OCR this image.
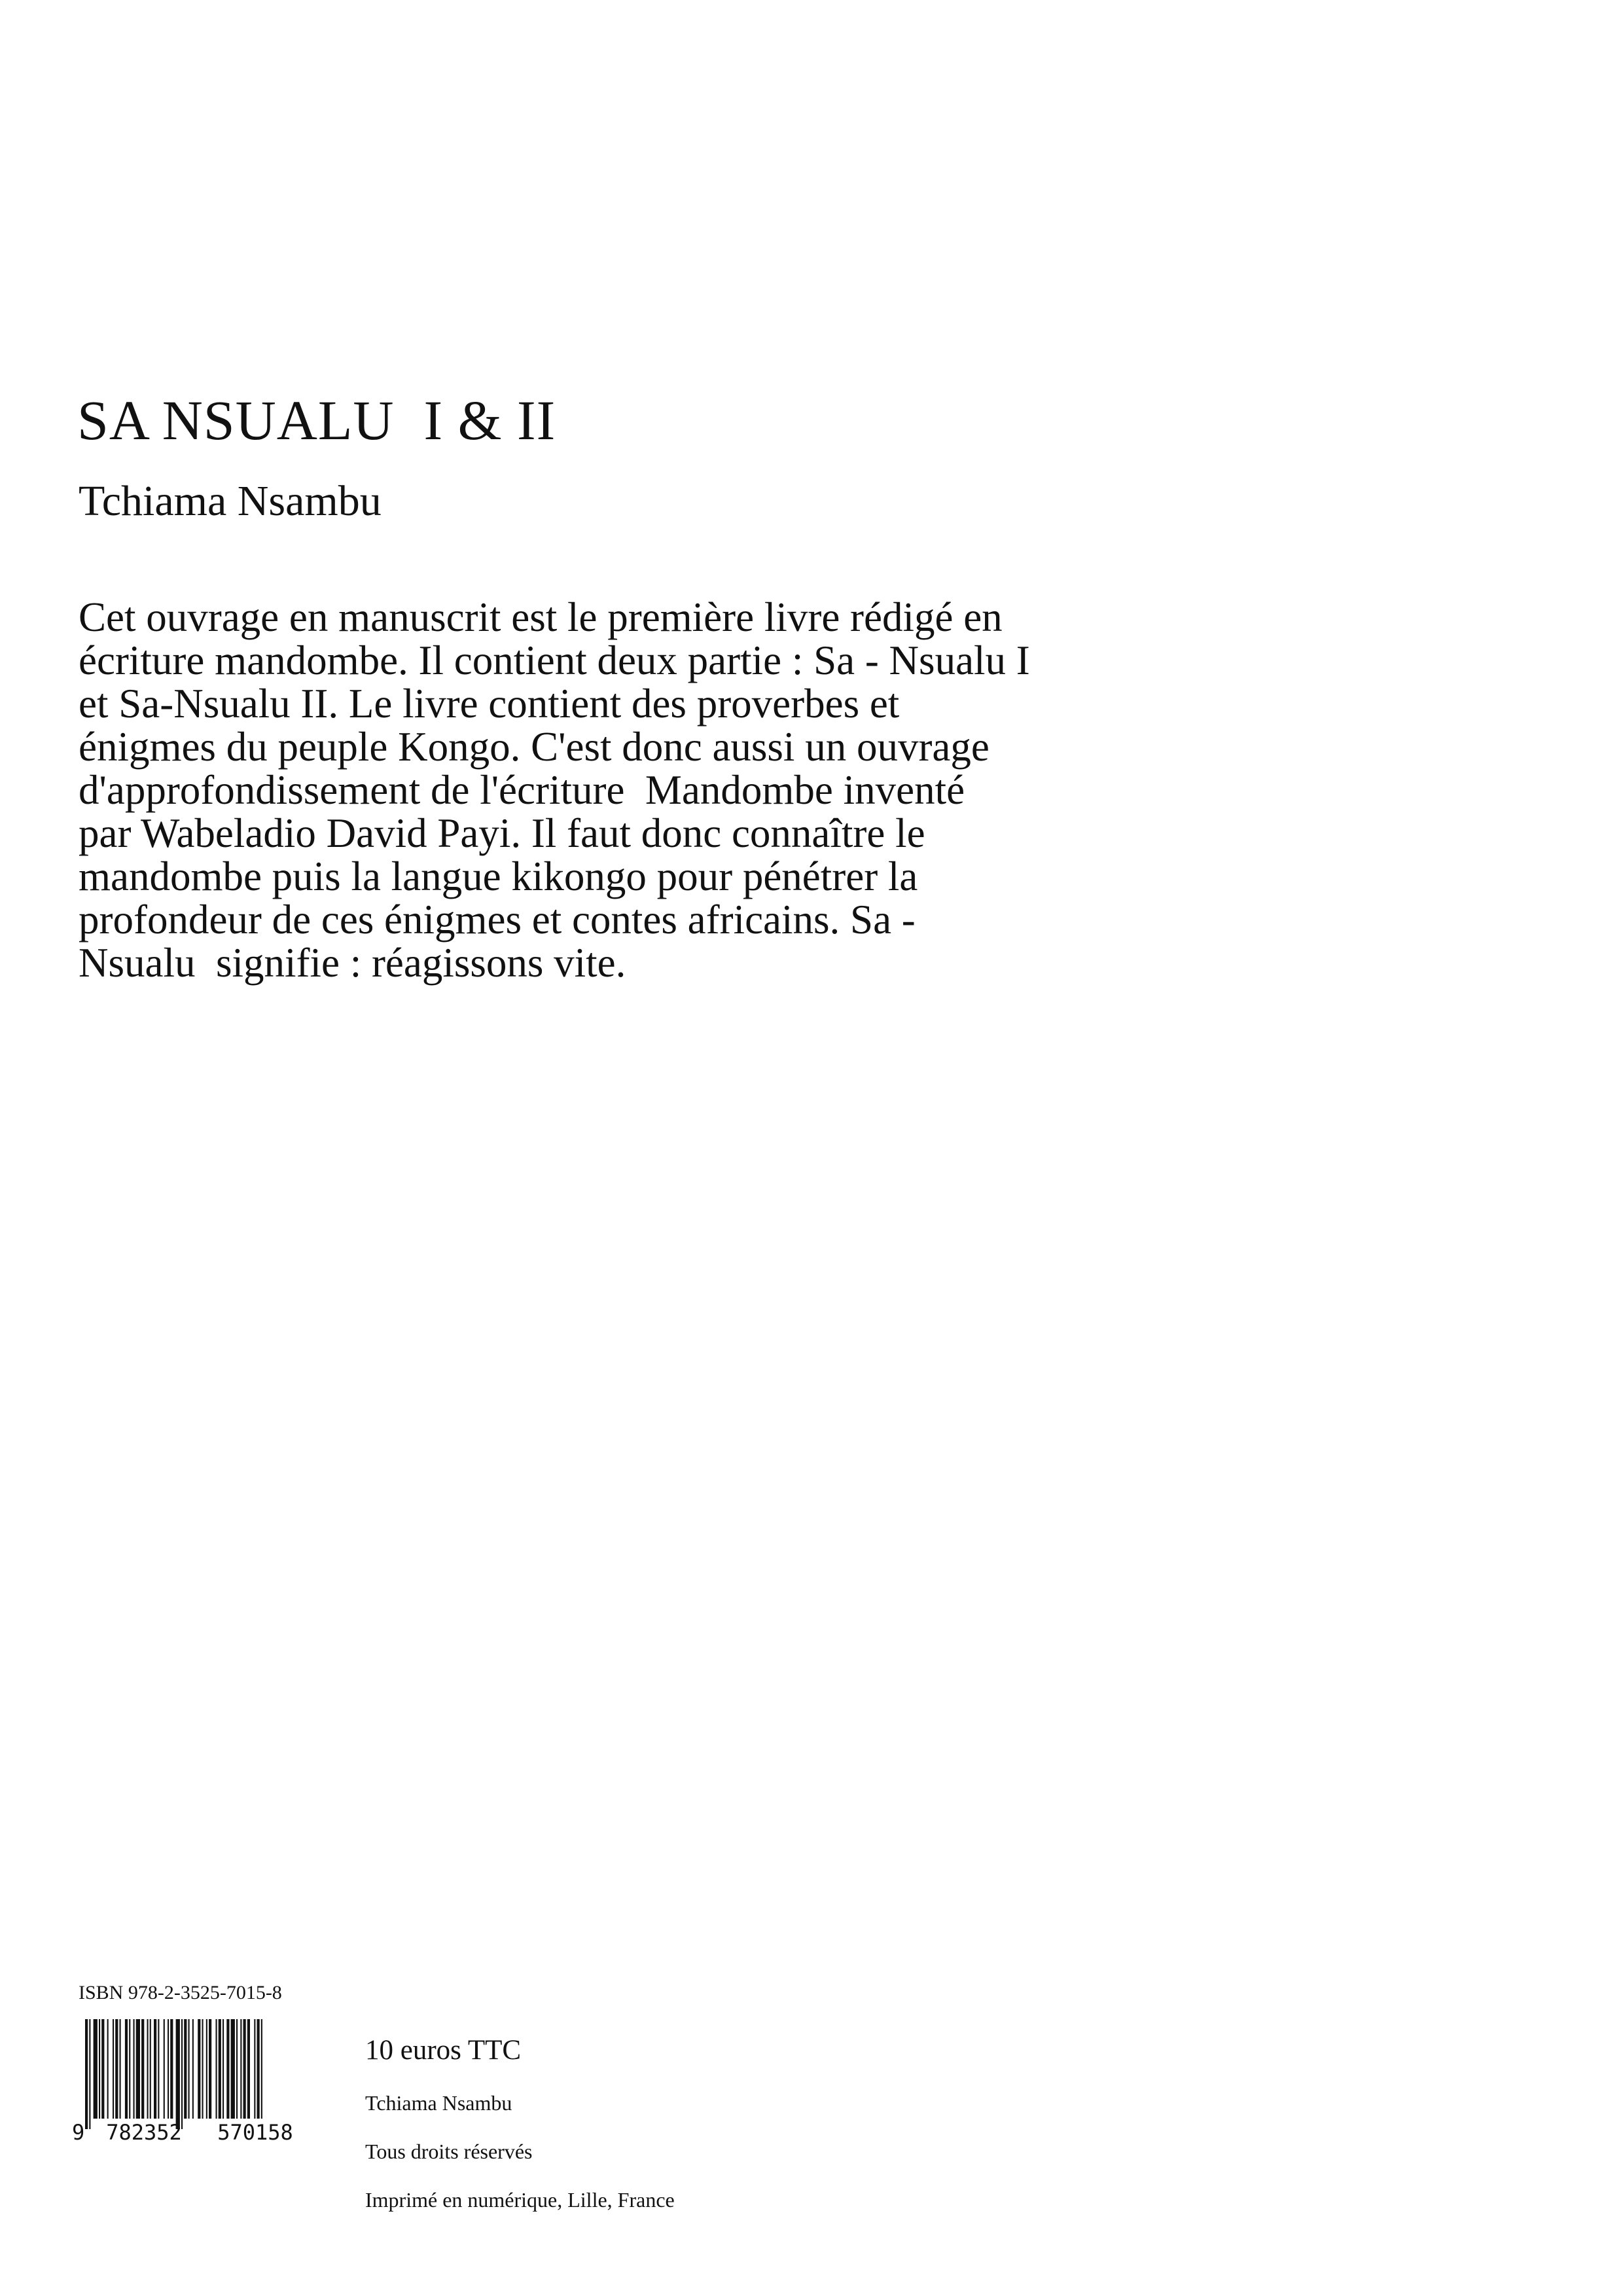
SA NSUALU  I & II
Tchiama Nsambu
Cet ouvrage en manuscrit est le première livre rédigé en
écriture mandombe. Il contient deux partie : Sa - Nsualu I
et Sa-Nsualu II. Le livre contient des proverbes et
énigmes du peuple Kongo. C'est donc aussi un ouvrage
d'approfondissement de l'écriture  Mandombe inventé
par Wabeladio David Payi. Il faut donc connaître le
mandombe puis la langue kikongo pour pénétrer la
profondeur de ces énigmes et contes africains. Sa -
Nsualu  signifie : réagissons vite.
ISBN 978-2-3525-7015-8
9 782352 570158

10 euros TTC

Tchiama Nsambu

Tous droits réservés

Imprimé en numérique, Lille, France
